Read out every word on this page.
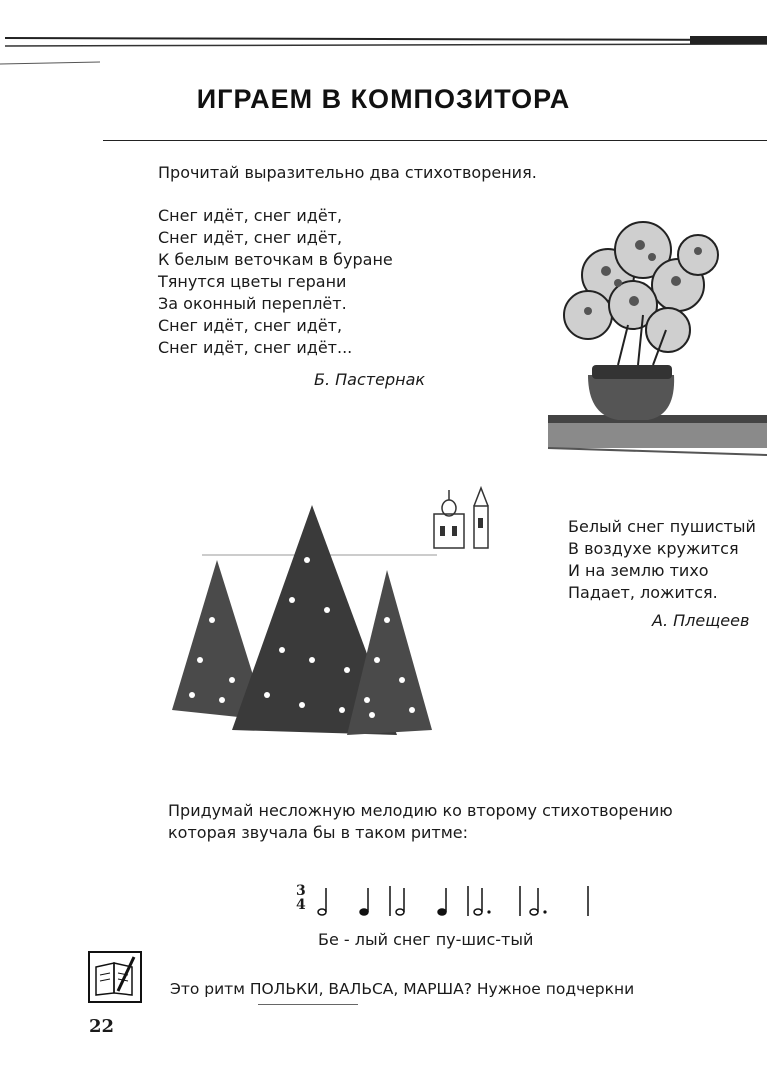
ИГРАЕМ В КОМПОЗИТОРА
Прочитай выразительно два стихотворения.
Снег идёт, снег идёт,
Снег идёт, снег идёт,
К белым веточкам в буране
Тянутся цветы герани
За оконный переплёт.
Снег идёт, снег идёт,
Снег идёт, снег идёт...
Б. Пастернак
Белый снег пушистый
В воздухе кружится
И на землю тихо
Падает, ложится.
А. Плещеев
Придумай несложную мелодию ко второму стихотворению
которая звучала бы в таком ритме:
3
4
Бе - лый снег пу-шис-тый
Это ритм ПОЛЬКИ, ВАЛЬСА, МАРША? Нужное подчеркни
22
